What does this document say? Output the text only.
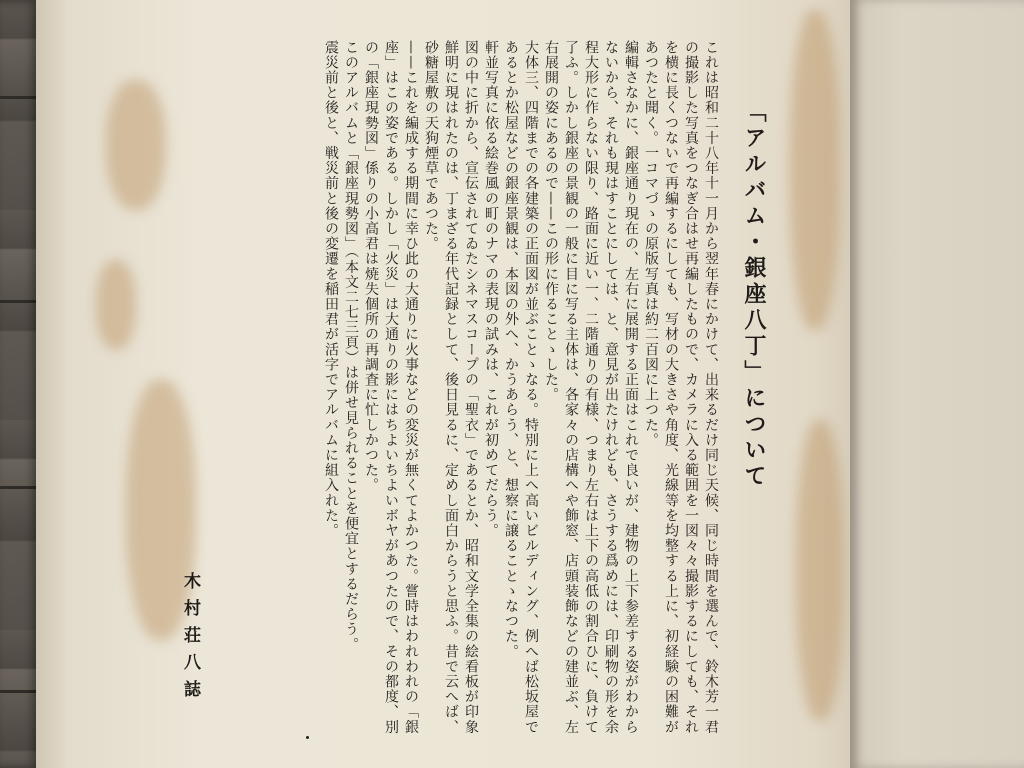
「アルバム・銀座八丁」について

これは昭和二十八年十一月から翌年春にかけて、出来るだけ同じ天候、同じ時間を選んで、鈴木芳一君の撮影した写真をつなぎ合はせ再編したもので、カメラに入る範囲を一図々々撮影するにしても、それを横に長くつないで再編するにしても、写材の大きさや角度、光線等を均整する上に、初経験の困難があつたと聞く。一コマづゝの原版写真は約二百図に上つた。

編輯さなかに、銀座通り現在の、左右に展開する正面はこれで良いが、建物の上下参差する姿がわからないから、それも現はすことにしては、と、意見が出たけれども、さうする爲めには、印刷物の形を余程大形に作らない限り、路面に近い一、二階通りの有様、つまり左右は上下の高低の割合ひに、負けて了ふ。しかし銀座の景観の一般に目に写る主体は、各家々の店構へや飾窓、店頭装飾などの建並ぶ、左右展開の姿にあるので——この形に作ることゝした。

大体三、四階までの各建築の正面図が並ぶことゝなる。特別に上へ高いビルディング、例へば松坂屋であるとか松屋などの銀座景観は、本図の外へ、かうあらう、と、想察に譲ることゝなつた。

軒並写真に依る絵巻風の町のナマの表現の試みは、これが初めてだらう。

図の中に折から、宣伝されてゐたシネマスコープの「聖衣」であるとか、昭和文学全集の絵看板が印象鮮明に現はれたのは、丁まざる年代記録として、後日見るに、定めし面白からうと思ふ。昔で云へば、砂糖屋敷の天狗煙草であつた。

——これを編成する期間に幸ひ此の大通りに火事などの変災が無くてよかつた。嘗時はわれわれの「銀座」はこの姿である。しかし「火災」は大通りの影にはちよいちよいボヤがあつたので、その都度、別の「銀座現勢図」係りの小高君は焼失個所の再調査に忙しかつた。

このアルバムと「銀座現勢図」（本文二七三頁）は併せ見られることを便宜とするだらう。

震災前と後と、戦災前と後の変遷を稲田君が活字でアルバムに組入れた。

木村荘八誌
